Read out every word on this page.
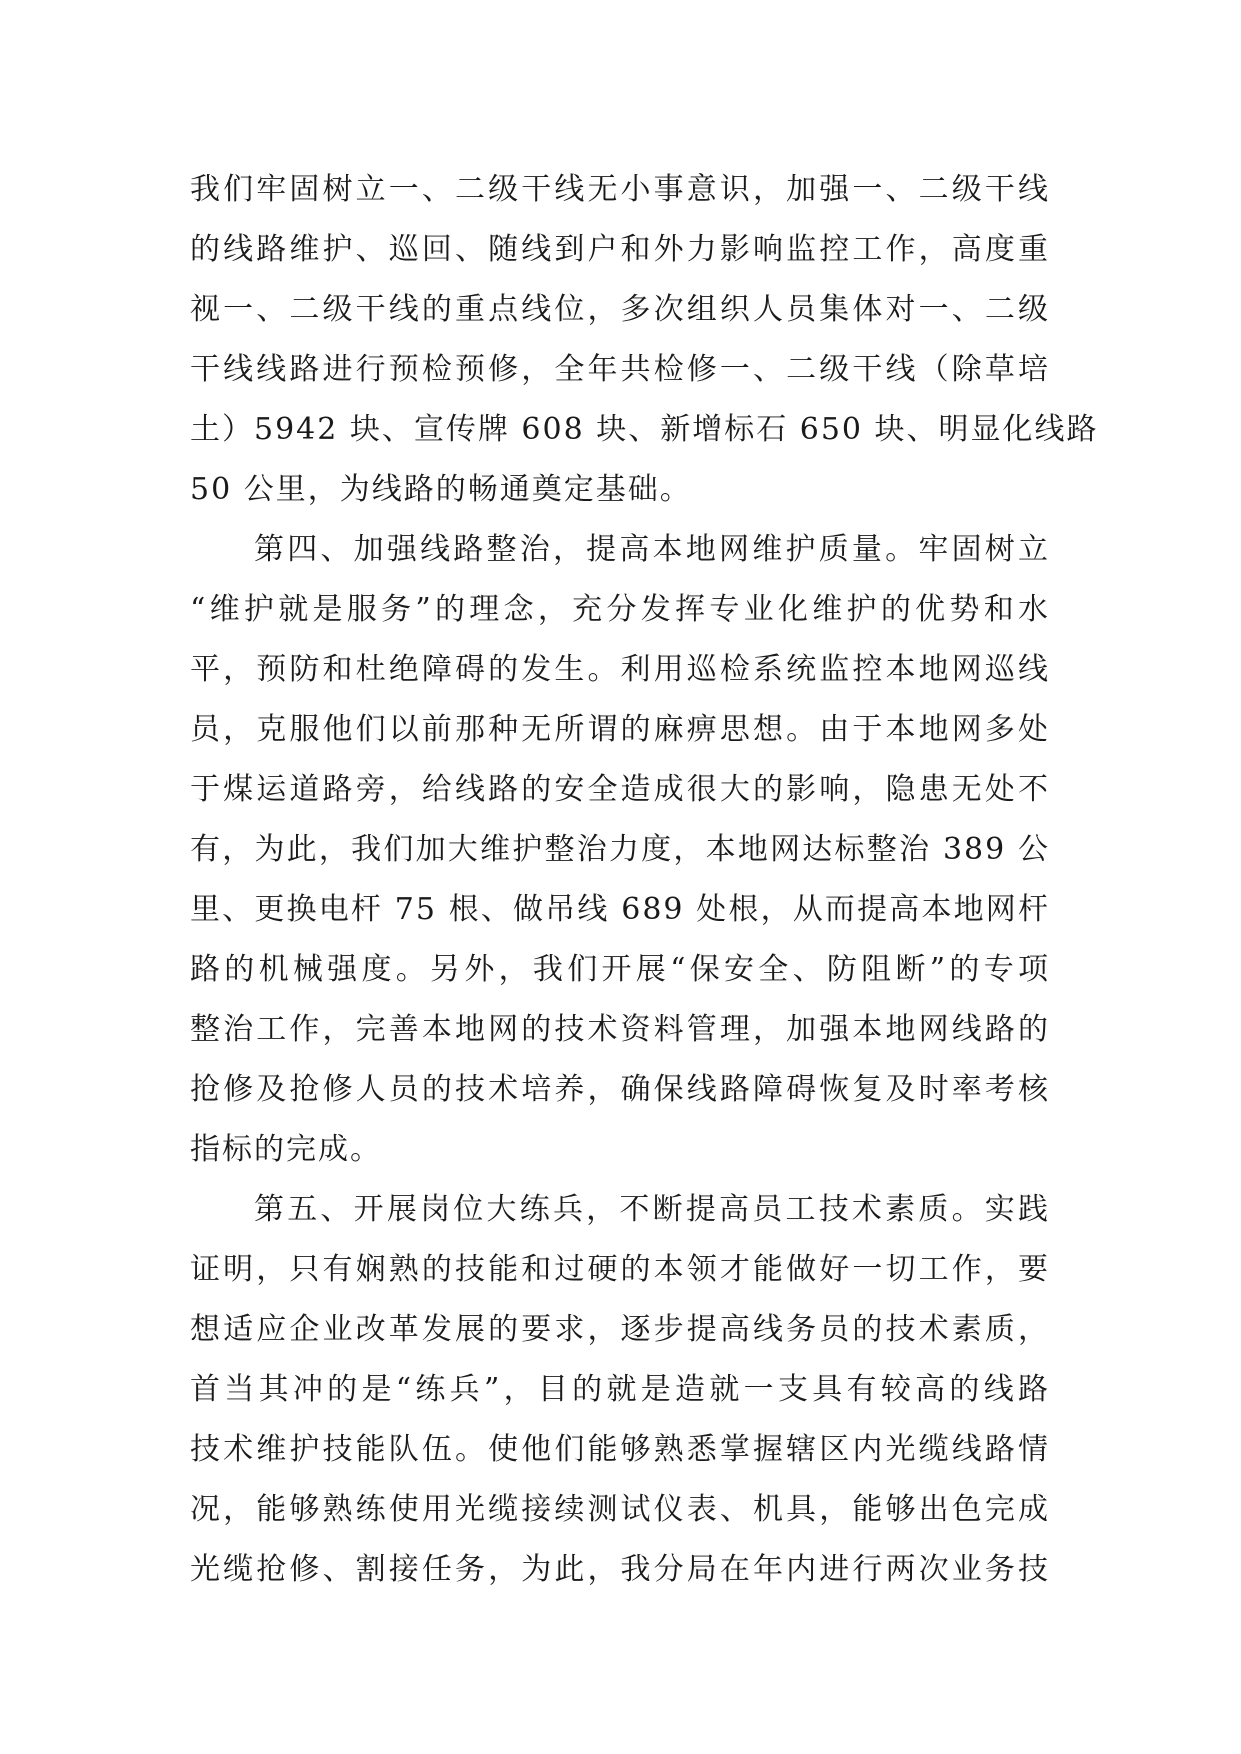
我们牢固树立一、二级干线无小事意识，加强一、二级干线
的线路维护、巡回、随线到户和外力影响监控工作，高度重
视一、二级干线的重点线位，多次组织人员集体对一、二级
干线线路进行预检预修，全年共检修一、二级干线（除草培
土）5942 块、宣传牌 608 块、新增标石 650 块、明显化线路
50 公里，为线路的畅通奠定基础。
第四、加强线路整治，提高本地网维护质量。牢固树立
“维护就是服务”的理念，充分发挥专业化维护的优势和水
平，预防和杜绝障碍的发生。利用巡检系统监控本地网巡线
员，克服他们以前那种无所谓的麻痹思想。由于本地网多处
于煤运道路旁，给线路的安全造成很大的影响，隐患无处不
有，为此，我们加大维护整治力度，本地网达标整治 389 公
里、更换电杆 75 根、做吊线 689 处根，从而提高本地网杆
路的机械强度。另外，我们开展“保安全、防阻断”的专项
整治工作，完善本地网的技术资料管理，加强本地网线路的
抢修及抢修人员的技术培养，确保线路障碍恢复及时率考核
指标的完成。
第五、开展岗位大练兵，不断提高员工技术素质。实践
证明，只有娴熟的技能和过硬的本领才能做好一切工作，要
想适应企业改革发展的要求，逐步提高线务员的技术素质，
首当其冲的是“练兵”，目的就是造就一支具有较高的线路
技术维护技能队伍。使他们能够熟悉掌握辖区内光缆线路情
况，能够熟练使用光缆接续测试仪表、机具，能够出色完成
光缆抢修、割接任务，为此，我分局在年内进行两次业务技
